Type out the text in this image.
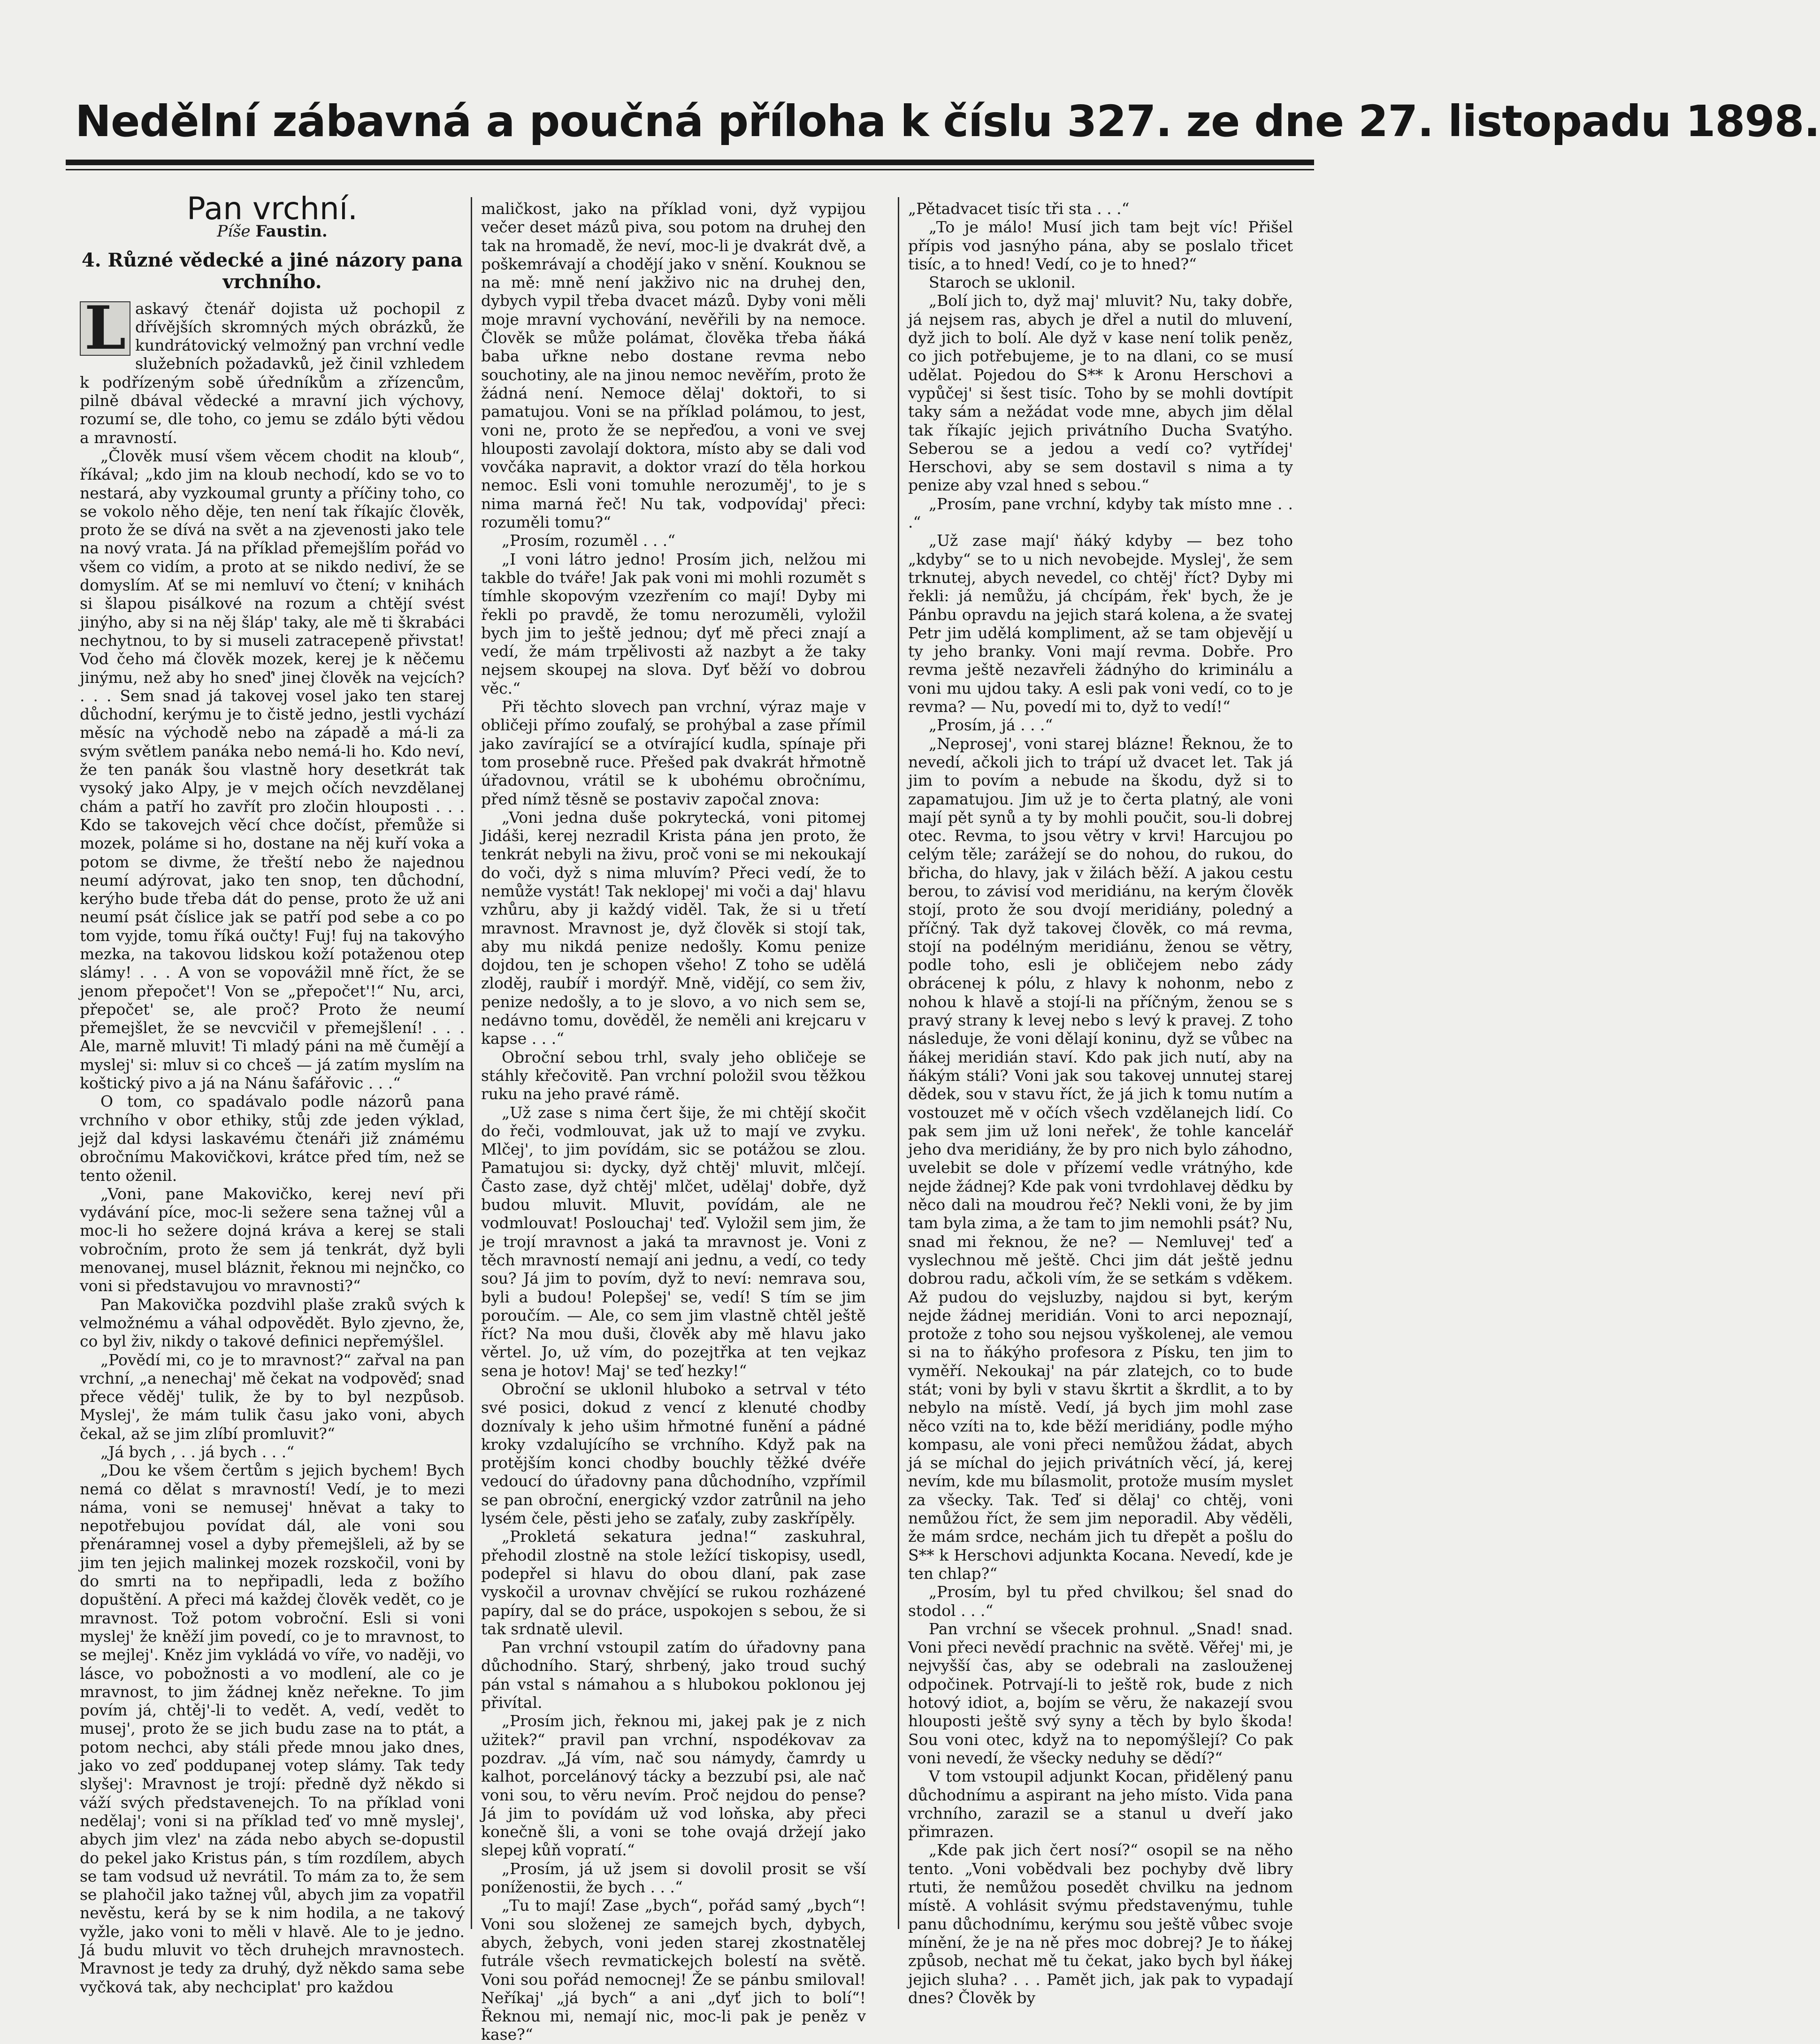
Nedělní zábavná a poučná příloha k číslu 327. ze dne 27. listopadu 1898.
Pan vrchní.
Píše Faustin.
4. Různé vědecké a jiné názory pana vrchního.
L askavý čtenář dojista už pochopil z dřívějších skromných mých obrázků, že kundrátovický velmožný pan vrchní vedle služebních požadavků, jež činil vzhledem k podřízeným sobě úředníkům a zřízencům, pilně dbával vědecké a mravní jich výchovy, rozumí se, dle toho, co jemu se zdálo býti vědou a mravností.

„Člověk musí všem věcem chodit na kloub“, říkával; „kdo jim na kloub nechodí, kdo se vo to nestará, aby vyzkoumal grunty a příčiny toho, co se vokolo něho děje, ten není tak říkajíc člověk, proto že se dívá na svět a na zjevenosti jako tele na nový vrata. Já na příklad přemejšlím pořád vo všem co vidím, a proto at se nikdo nediví, že se domyslím. Ať se mi nemluví vo čtení; v knihách si šlapou pisálkové na rozum a chtějí svést jinýho, aby si na něj šláp' taky, ale mě ti škrabáci nechytnou, to by si museli zatracepeně přivstat! Vod čeho má člověk mozek, kerej je k něčemu jinýmu, než aby ho sneď' jinej člověk na vejcích? . . . Sem snad já takovej vosel jako ten starej důchodní, kerýmu je to čistě jedno, jestli vychází měsíc na východě nebo na západě a má-li za svým světlem panáka nebo nemá-li ho. Kdo neví, že ten panák šou vlastně hory desetkrát tak vysoký jako Alpy, je v mejch očích nevzdělanej chám a patří ho zavřít pro zločin hlouposti . . . Kdo se takovejch věcí chce dočíst, přemůže si mozek, poláme si ho, dostane na něj kuří voka a potom se divme, že třeští nebo že najednou neumí adýrovat, jako ten snop, ten důchodní, kerýho bude třeba dát do pense, proto že už ani neumí psát číslice jak se patří pod sebe a co po tom vyjde, tomu říká oučty! Fuj! fuj na takovýho mezka, na takovou lidskou koží potaženou otep slámy! . . . A von se vopovážil mně říct, že se jenom přepočet'! Von se „přepočet'!“ Nu, arci, přepočet' se, ale proč? Proto že neumí přemejšlet, že se nevcvičil v přemejšlení! . . . Ale, marně mluvit! Ti mladý páni na mě čumějí a myslej' si: mluv si co chceš — já zatím myslím na koštický pivo a já na Nánu šafářovic . . .“

O tom, co spadávalo podle názorů pana vrchního v obor ethiky, stůj zde jeden výklad, jejž dal kdysi laskavému čtenáři již známému obročnímu Makovičkovi, krátce před tím, než se tento oženil.

„Voni, pane Makovičko, kerej neví při vydávání píce, moc-li sežere sena tažnej vůl a moc-li ho sežere dojná kráva a kerej se stali vobročním, proto že sem já tenkrát, dyž byli menovanej, musel bláznit, řeknou mi nejnčko, co voni si představujou vo mravnosti?“

Pan Makovička pozdvihl plaše zraků svých k velmožnému a váhal odpovědět. Bylo zjevno, že, co byl živ, nikdy o takové definici nepřemýšlel.

„Povědí mi, co je to mravnost?“ zařval na pan vrchní, „a nenechaj' mě čekat na vodpověď; snad přece věděj' tulik, že by to byl nezpůsob. Myslej', že mám tulik času jako voni, abych čekal, až se jim zlíbí promluvit?“

„Já bych , . . já bych . . .“

„Dou ke všem čertům s jejich bychem! Bych nemá co dělat s mravností! Vedí, je to mezi náma, voni se nemusej' hněvat a taky to nepotřebujou povídat dál, ale voni sou přenáramnej vosel a dyby přemejšleli, až by se jim ten jejich malinkej mozek rozskočil, voni by do smrti na to nepřipadli, leda z božího dopuštění. A přeci má každej člověk vedět, co je mravnost. Tož potom vobroční. Esli si voni myslej' že kněží jim povedí, co je to mravnost, to se mejlej'. Kněz jim vykládá vo víře, vo naději, vo lásce, vo pobožnosti a vo modlení, ale co je mravnost, to jim žádnej kněz neřekne. To jim povím já, chtěj'-li to vedět. A, vedí, vedět to musej', proto že se jich budu zase na to ptát, a potom nechci, aby stáli přede mnou jako dnes, jako vo zeď poddupanej votep slámy. Tak tedy slyšej': Mravnost je trojí: předně dyž někdo si váží svých představenejch. To na příklad voni nedělaj'; voni si na příklad teď vo mně myslej', abych jim vlez' na záda nebo abych se-dopustil do pekel jako Kristus pán, s tím rozdílem, abych se tam vodsud už nevrátil. To mám za to, že sem se plahočil jako tažnej vůl, abych jim za vopatřil nevěstu, kerá by se k nim hodila, a ne takový vyžle, jako voni to měli v hlavě. Ale to je jedno. Já budu mluvit vo těch druhejch mravnostech. Mravnost je tedy za druhý, dyž někdo sama sebe vyčková tak, aby nechciplat' pro každou

maličkost, jako na příklad voni, dyž vypijou večer deset mázů piva, sou potom na druhej den tak na hromadě, že neví, moc-li je dvakrát dvě, a poškemrávají a chodějí jako v snění. Kouknou se na mě: mně není jakživo nic na druhej den, dybych vypil třeba dvacet mázů. Dyby voni měli moje mravní vychování, nevěřili by na nemoce. Člověk se může polámat, člověka třeba ňáká baba uřkne nebo dostane revma nebo souchotiny, ale na jinou nemoc nevěřím, proto že žádná není. Nemoce dělaj' doktoři, to si pamatujou. Voni se na příklad polámou, to jest, voni ne, proto že se nepřeďou, a voni ve svej hlouposti zavolají doktora, místo aby se dali vod vovčáka napravit, a doktor vrazí do těla horkou nemoc. Esli voni tomuhle nerozuměj', to je s nima marná řeč! Nu tak, vodpovídaj' přeci: rozuměli tomu?“

„Prosím, rozuměl . . .“

„I voni látro jedno! Prosím jich, nelžou mi takble do tváře! Jak pak voni mi mohli rozumět s tímhle skopovým vzezřením co mají! Dyby mi řekli po pravdě, že tomu nerozuměli, vyložil bych jim to ještě jednou; dyť mě přeci znají a vedí, že mám trpělivosti až nazbyt a že taky nejsem skoupej na slova. Dyť běží vo dobrou věc.“

Při těchto slovech pan vrchní, výraz maje v obličeji přímo zoufalý, se prohýbal a zase přímil jako zavírající se a otvírající kudla, spínaje při tom prosebně ruce. Přešed pak dvakrát hřmotně úřadovnou, vrátil se k ubohému obročnímu, před nímž těsně se postaviv započal znova:

„Voni jedna duše pokrytecká, voni pitomej Jidáši, kerej nezradil Krista pána jen proto, že tenkrát nebyli na živu, proč voni se mi nekoukají do voči, dyž s nima mluvím? Přeci vedí, že to nemůže vystát! Tak neklopej' mi voči a daj' hlavu vzhůru, aby ji každý viděl. Tak, že si u třetí mravnost. Mravnost je, dyž člověk si stojí tak, aby mu nikdá penize nedošly. Komu penize dojdou, ten je schopen všeho! Z toho se udělá zloděj, raubíř i mordýř. Mně, vidějí, co sem živ, penize nedošly, a to je slovo, a vo nich sem se, nedávno tomu, dověděl, že neměli ani krejcaru v kapse . . .“

Obroční sebou trhl, svaly jeho obličeje se stáhly křečovitě. Pan vrchní položil svou těžkou ruku na jeho pravé rámě.

„Už zase s nima čert šije, že mi chtějí skočit do řeči, vodmlouvat, jak už to mají ve zvyku. Mlčej', to jim povídám, sic se potážou se zlou. Pamatujou si: dycky, dyž chtěj' mluvit, mlčejí. Často zase, dyž chtěj' mlčet, udělaj' dobře, dyž budou mluvit. Mluvit, povídám, ale ne vodmlouvat! Poslouchaj' teď. Vyložil sem jim, že je trojí mravnost a jaká ta mravnost je. Voni z těch mravností nemají ani jednu, a vedí, co tedy sou? Já jim to povím, dyž to neví: nemrava sou, byli a budou! Polepšej' se, vedí! S tím se jim poroučím. — Ale, co sem jim vlastně chtěl ještě říct? Na mou duši, člověk aby mě hlavu jako věrtel. Jo, už vím, do pozejtřka at ten vejkaz sena je hotov! Maj' se teď hezky!“

Obroční se uklonil hluboko a setrval v této své posici, dokud z vencí z klenuté chodby doznívaly k jeho ušim hřmotné funění a pádné kroky vzdalujícího se vrchního. Když pak na protějším konci chodby bouchly těžké dvéře vedoucí do úřadovny pana důchodního, vzpřímil se pan obroční, energický vzdor zatrůnil na jeho lysém čele, pěsti jeho se zaťaly, zuby zaskřípěly.

„Prokletá sekatura jedna!“ zaskuhral, přehodil zlostně na stole ležící tiskopisy, usedl, podepřel si hlavu do obou dlaní, pak zase vyskočil a urovnav chvějící se rukou rozházené papíry, dal se do práce, uspokojen s sebou, že si tak srdnatě ulevil.

Pan vrchní vstoupil zatím do úřadovny pana důchodního. Starý, shrbený, jako troud suchý pán vstal s námahou a s hlubokou poklonou jej přivítal.

„Prosím jich, řeknou mi, jakej pak je z nich užitek?“ pravil pan vrchní, nspodékovav za pozdrav. „Já vím, nač sou námydy, čamrdy u kalhot, porcelánový tácky a bezzubí psi, ale nač voni sou, to věru nevím. Proč nejdou do pense? Já jim to povídám už vod loňska, aby přeci konečně šli, a voni se tohe ovajá držejí jako slepej kůň vopratí.“

„Prosím, já už jsem si dovolil prosit se vší poníženostii, že bych . . .“

„Tu to mají! Zase „bych“, pořád samý „bych“! Voni sou složenej ze samejch bych, dybych, abych, žebych, voni jeden starej zkostnatělej futrále všech revmatickejch bolestí na světě. Voni sou pořád nemocnej! Že se pánbu smiloval! Neříkaj' „já bych“ a ani „dyť jich to bolí“! Řeknou mi, nemají nic, moc-li pak je peněz v kase?“

„Pětadvacet tisíc tři sta . . .“

„To je málo! Musí jich tam bejt víc! Přišel přípis vod jasnýho pána, aby se poslalo třicet tisíc, a to hned! Vedí, co je to hned?“

Staroch se uklonil.

„Bolí jich to, dyž maj' mluvit? Nu, taky dobře, já nejsem ras, abych je dřel a nutil do mluvení, dyž jich to bolí. Ale dyž v kase není tolik peněz, co jich potřebujeme, je to na dlani, co se musí udělat. Pojedou do S** k Aronu Herschovi a vypůčej' si šest tisíc. Toho by se mohli dovtípit taky sám a nežádat vode mne, abych jim dělal tak říkajíc jejich privátního Ducha Svatýho. Seberou se a jedou a vedí co? vytřídej' Herschovi, aby se sem dostavil s nima a ty penize aby vzal hned s sebou.“

„Prosím, pane vrchní, kdyby tak místo mne . . .“

„Už zase mají' ňáký kdyby — bez toho „kdyby“ se to u nich nevobejde. Myslej', že sem trknutej, abych nevedel, co chtěj' říct? Dyby mi řekli: já nemůžu, já chcípám, řek' bych, že je Pánbu opravdu na jejich stará kolena, a že svatej Petr jim udělá kompliment, až se tam objevějí u ty jeho branky. Voni mají revma. Dobře. Pro revma ještě nezavřeli žádnýho do kriminálu a voni mu ujdou taky. A esli pak voni vedí, co to je revma? — Nu, povedí mi to, dyž to vedí!“

„Prosím, já . . .“

„Neprosej', voni starej blázne! Řeknou, že to nevedí, ačkoli jich to trápí už dvacet let. Tak já jim to povím a nebude na škodu, dyž si to zapamatujou. Jim už je to čerta platný, ale voni mají pět synů a ty by mohli poučit, sou-li dobrej otec. Revma, to jsou větry v krvi! Harcujou po celým těle; zarážejí se do nohou, do rukou, do břicha, do hlavy, jak v žilách běží. A jakou cestu berou, to závisí vod meridiánu, na kerým člověk stojí, proto že sou dvojí meridiány, poledný a příčný. Tak dyž takovej člověk, co má revma, stojí na podélným meridiánu, ženou se větry, podle toho, esli je obličejem nebo zády obrácenej k pólu, z hlavy k nohonm, nebo z nohou k hlavě a stojí-li na příčným, ženou se s pravý strany k levej nebo s levý k pravej. Z toho následuje, že voni dělají koninu, dyž se vůbec na ňákej meridián staví. Kdo pak jich nutí, aby na ňákým stáli? Voni jak sou takovej unnutej starej dědek, sou v stavu říct, že já jich k tomu nutím a vostouzet mě v očích všech vzdělanejch lidí. Co pak sem jim už loni neřek', že tohle kancelář jeho dva meridiány, že by pro nich bylo záhodno, uvelebit se dole v přízemí vedle vrátnýho, kde nejde žádnej? Kde pak voni tvrdohlavej dědku by něco dali na moudrou řeč? Nekli voni, že by jim tam byla zima, a že tam to jim nemohli psát? Nu, snad mi řeknou, že ne? — Nemluvej' teď a vyslechnou mě ještě. Chci jim dát ještě jednu dobrou radu, ačkoli vím, že se setkám s vděkem. Až pudou do vejsluzby, najdou si byt, kerým nejde žádnej meridián. Voni to arci nepoznají, protože z toho sou nejsou vyškolenej, ale vemou si na to ňákýho profesora z Písku, ten jim to vyměří. Nekoukaj' na pár zlatejch, co to bude stát; voni by byli v stavu škrtit a škrdlit, a to by nebylo na místě. Vedí, já bych jim mohl zase něco vzíti na to, kde běží meridiány, podle mýho kompasu, ale voni přeci nemůžou žádat, abych já se míchal do jejich privátních věcí, já, kerej nevím, kde mu bílasmolit, protože musím myslet za všecky. Tak. Teď si dělaj' co chtěj, voni nemůžou říct, že sem jim neporadil. Aby věděli, že mám srdce, nechám jich tu dřepět a pošlu do S** k Herschovi adjunkta Kocana. Nevedí, kde je ten chlap?“

„Prosím, byl tu před chvilkou; šel snad do stodol . . .“

Pan vrchní se všecek prohnul. „Snad! snad. Voni přeci nevědí prachnic na světě. Věřej' mi, je nejvyšší čas, aby se odebrali na zaslouženej odpočinek. Potrvají-li to ještě rok, bude z nich hotový idiot, a, bojím se věru, že nakazejí svou hlouposti ještě svý syny a těch by bylo škoda! Sou voni otec, když na to nepomýšlejí? Co pak voni nevedí, že všecky neduhy se dědí?“

V tom vstoupil adjunkt Kocan, přidělený panu důchodnímu a aspirant na jeho místo. Vida pana vrchního, zarazil se a stanul u dveří jako přimrazen.

„Kde pak jich čert nosí?“ osopil se na něho tento. „Voni vobědvali bez pochyby dvě libry rtuti, že nemůžou posedět chvilku na jednom místě. A vohlásit svýmu představenýmu, tuhle panu důchodnímu, kerýmu sou ještě vůbec svoje mínění, že je na ně přes moc dobrej? Je to ňákej způsob, nechat mě tu čekat, jako bych byl ňákej jejich sluha? . . . Pamět jich, jak pak to vypadají dnes? Člověk by
